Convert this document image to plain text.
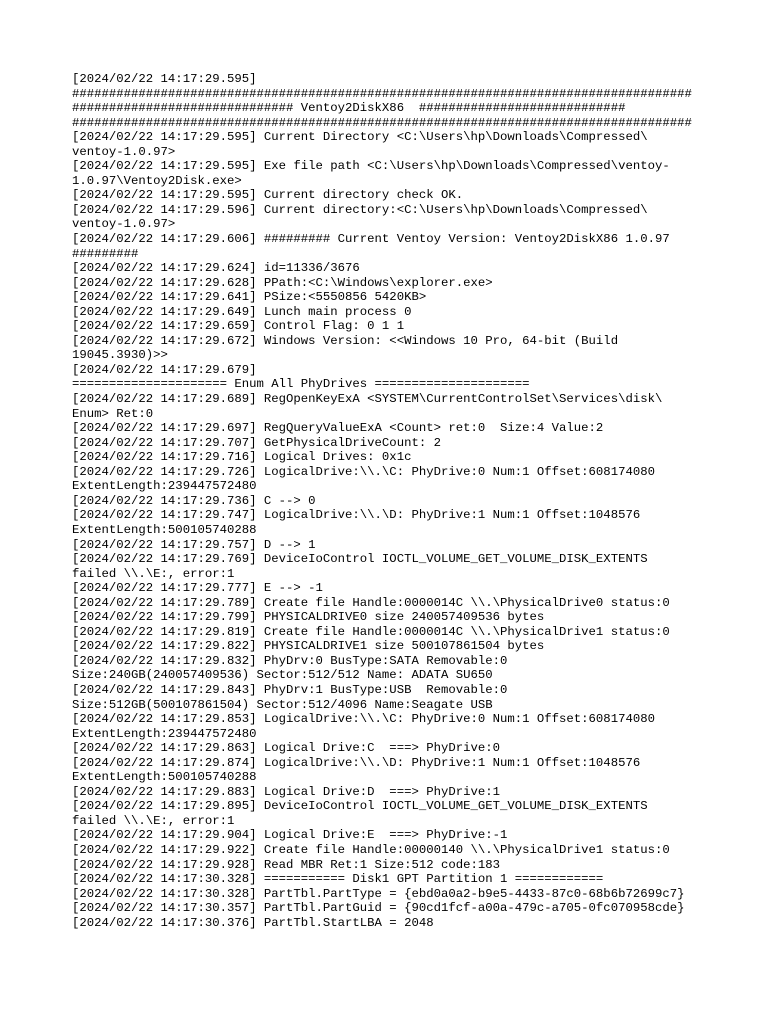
[2024/02/22 14:17:29.595]
####################################################################################
############################## Ventoy2DiskX86  ############################
####################################################################################
[2024/02/22 14:17:29.595] Current Directory <C:\Users\hp\Downloads\Compressed\
ventoy-1.0.97>
[2024/02/22 14:17:29.595] Exe file path <C:\Users\hp\Downloads\Compressed\ventoy-
1.0.97\Ventoy2Disk.exe>
[2024/02/22 14:17:29.595] Current directory check OK.
[2024/02/22 14:17:29.596] Current directory:<C:\Users\hp\Downloads\Compressed\
ventoy-1.0.97>
[2024/02/22 14:17:29.606] ######### Current Ventoy Version: Ventoy2DiskX86 1.0.97
#########
[2024/02/22 14:17:29.624] id=11336/3676
[2024/02/22 14:17:29.628] PPath:<C:\Windows\explorer.exe>
[2024/02/22 14:17:29.641] PSize:<5550856 5420KB>
[2024/02/22 14:17:29.649] Lunch main process 0
[2024/02/22 14:17:29.659] Control Flag: 0 1 1
[2024/02/22 14:17:29.672] Windows Version: <<Windows 10 Pro, 64-bit (Build
19045.3930)>>
[2024/02/22 14:17:29.679]
===================== Enum All PhyDrives =====================
[2024/02/22 14:17:29.689] RegOpenKeyExA <SYSTEM\CurrentControlSet\Services\disk\
Enum> Ret:0
[2024/02/22 14:17:29.697] RegQueryValueExA <Count> ret:0  Size:4 Value:2
[2024/02/22 14:17:29.707] GetPhysicalDriveCount: 2
[2024/02/22 14:17:29.716] Logical Drives: 0x1c
[2024/02/22 14:17:29.726] LogicalDrive:\\.\C: PhyDrive:0 Num:1 Offset:608174080
ExtentLength:239447572480
[2024/02/22 14:17:29.736] C --> 0
[2024/02/22 14:17:29.747] LogicalDrive:\\.\D: PhyDrive:1 Num:1 Offset:1048576
ExtentLength:500105740288
[2024/02/22 14:17:29.757] D --> 1
[2024/02/22 14:17:29.769] DeviceIoControl IOCTL_VOLUME_GET_VOLUME_DISK_EXTENTS
failed \\.\E:, error:1
[2024/02/22 14:17:29.777] E --> -1
[2024/02/22 14:17:29.789] Create file Handle:0000014C \\.\PhysicalDrive0 status:0
[2024/02/22 14:17:29.799] PHYSICALDRIVE0 size 240057409536 bytes
[2024/02/22 14:17:29.819] Create file Handle:0000014C \\.\PhysicalDrive1 status:0
[2024/02/22 14:17:29.822] PHYSICALDRIVE1 size 500107861504 bytes
[2024/02/22 14:17:29.832] PhyDrv:0 BusType:SATA Removable:0
Size:240GB(240057409536) Sector:512/512 Name: ADATA SU650
[2024/02/22 14:17:29.843] PhyDrv:1 BusType:USB  Removable:0
Size:512GB(500107861504) Sector:512/4096 Name:Seagate USB
[2024/02/22 14:17:29.853] LogicalDrive:\\.\C: PhyDrive:0 Num:1 Offset:608174080
ExtentLength:239447572480
[2024/02/22 14:17:29.863] Logical Drive:C  ===> PhyDrive:0
[2024/02/22 14:17:29.874] LogicalDrive:\\.\D: PhyDrive:1 Num:1 Offset:1048576
ExtentLength:500105740288
[2024/02/22 14:17:29.883] Logical Drive:D  ===> PhyDrive:1
[2024/02/22 14:17:29.895] DeviceIoControl IOCTL_VOLUME_GET_VOLUME_DISK_EXTENTS
failed \\.\E:, error:1
[2024/02/22 14:17:29.904] Logical Drive:E  ===> PhyDrive:-1
[2024/02/22 14:17:29.922] Create file Handle:00000140 \\.\PhysicalDrive1 status:0
[2024/02/22 14:17:29.928] Read MBR Ret:1 Size:512 code:183
[2024/02/22 14:17:30.328] =========== Disk1 GPT Partition 1 ============
[2024/02/22 14:17:30.328] PartTbl.PartType = {ebd0a0a2-b9e5-4433-87c0-68b6b72699c7}
[2024/02/22 14:17:30.357] PartTbl.PartGuid = {90cd1fcf-a00a-479c-a705-0fc070958cde}
[2024/02/22 14:17:30.376] PartTbl.StartLBA = 2048
